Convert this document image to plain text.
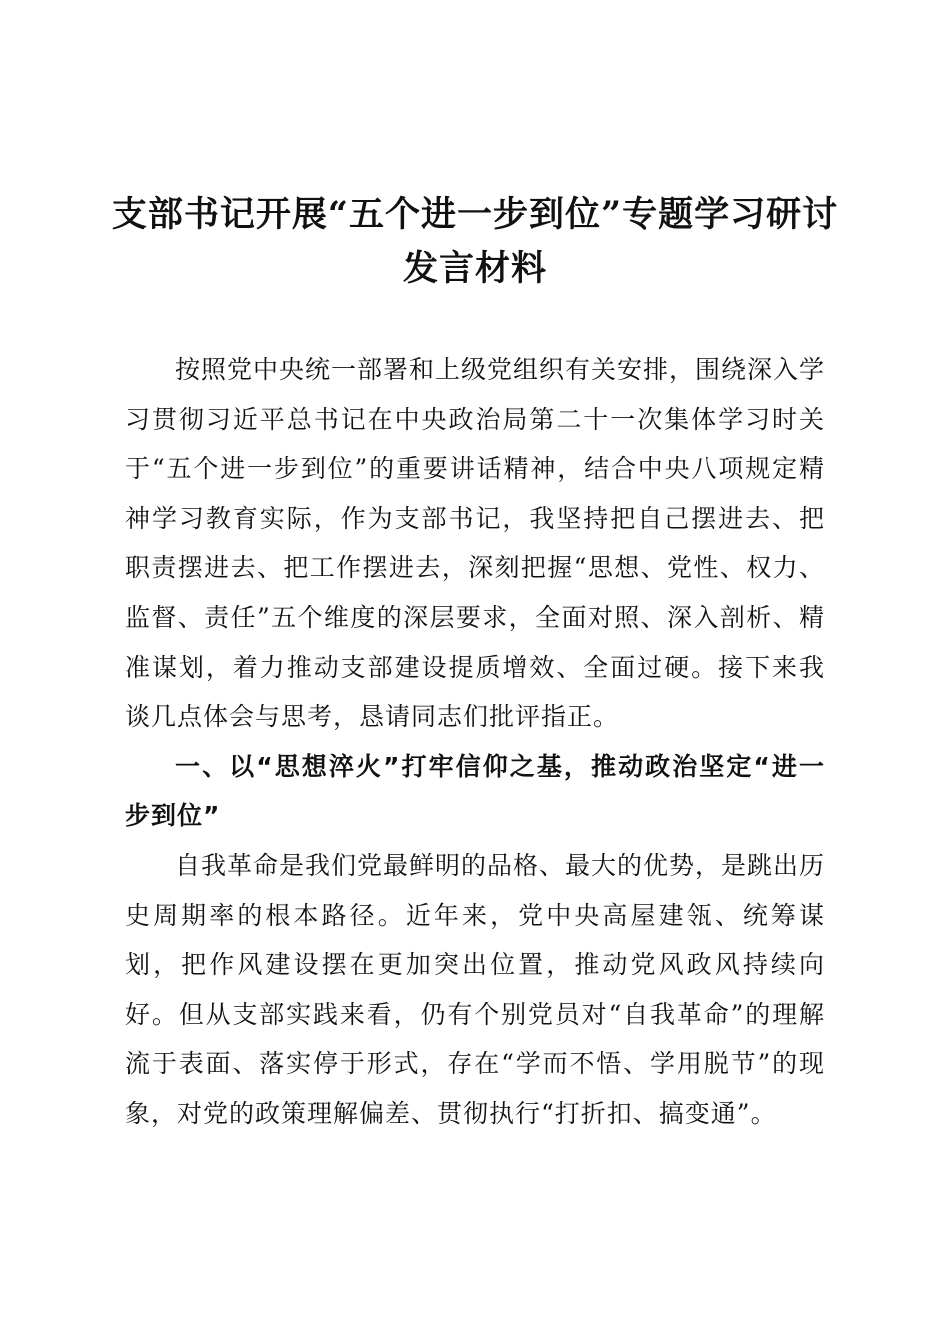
支部书记开展“五个进一步到位”专题学习研讨发言材料

按照党中央统一部署和上级党组织有关安排，围绕深入学习贯彻习近平总书记在中央政治局第二十一次集体学习时关于“五个进一步到位”的重要讲话精神，结合中央八项规定精神学习教育实际，作为支部书记，我坚持把自己摆进去、把职责摆进去、把工作摆进去，深刻把握“思想、党性、权力、监督、责任”五个维度的深层要求，全面对照、深入剖析、精准谋划，着力推动支部建设提质增效、全面过硬。接下来我谈几点体会与思考，恳请同志们批评指正。

一、以“思想淬火”打牢信仰之基，推动政治坚定“进一步到位”

自我革命是我们党最鲜明的品格、最大的优势，是跳出历史周期率的根本路径。近年来，党中央高屋建瓴、统筹谋划，把作风建设摆在更加突出位置，推动党风政风持续向好。但从支部实践来看，仍有个别党员对“自我革命”的理解流于表面、落实停于形式，存在“学而不悟、学用脱节”的现象，对党的政策理解偏差、贯彻执行“打折扣、搞变通”。
